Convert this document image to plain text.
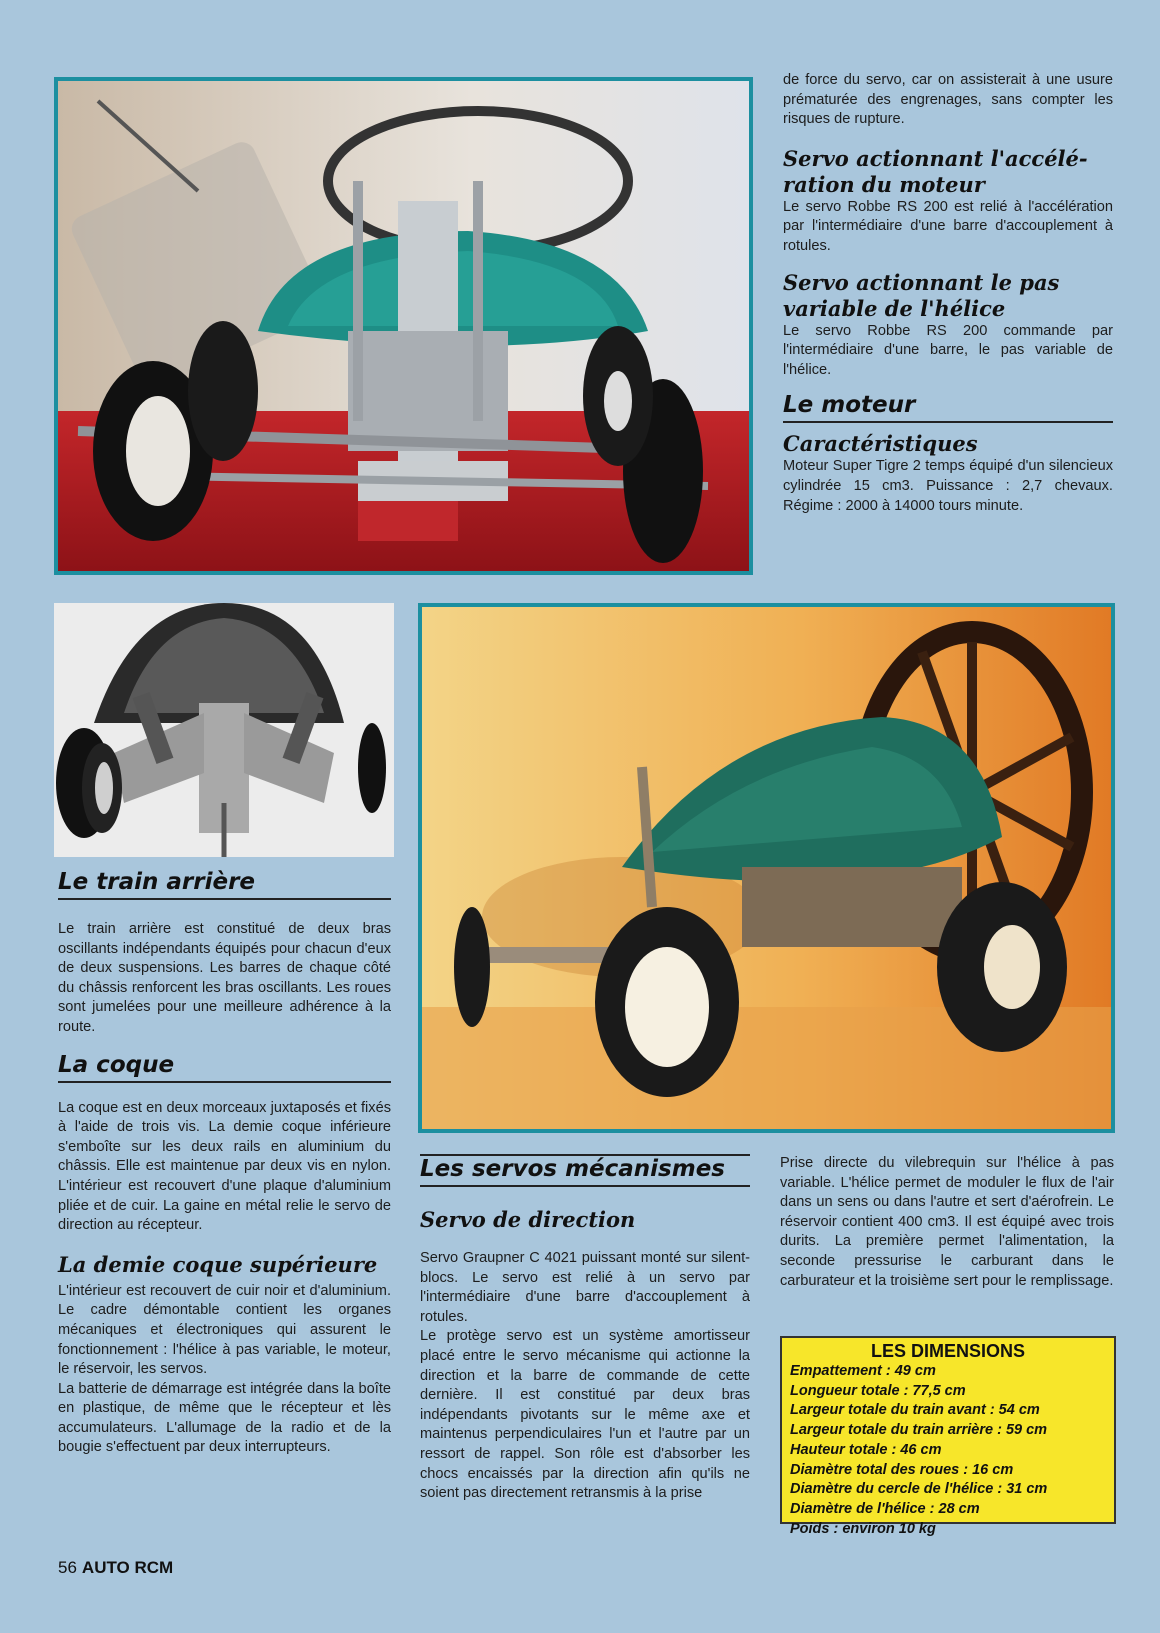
de force du servo, car on assisterait à une usure prématurée des engrenages, sans compter les risques de rupture.

Servo actionnant l'accélé-ration du moteur

Le servo Robbe RS 200 est relié à l'accélération par l'intermédiaire d'une barre d'accouplement à rotules.

Servo actionnant le pas variable de l'hélice

Le servo Robbe RS 200 commande par l'intermédiaire d'une barre, le pas variable de l'hélice.

Le moteur
Caractéristiques

Moteur Super Tigre 2 temps équipé d'un silencieux cylindrée 15 cm3. Puissance : 2,7 chevaux. Régime : 2000 à 14000 tours minute.

Le train arrière

Le train arrière est constitué de deux bras oscillants indépendants équipés pour chacun d'eux de deux suspensions. Les barres de chaque côté du châssis renforcent les bras oscillants. Les roues sont jumelées pour une meilleure adhérence à la route.

La coque

La coque est en deux morceaux juxtaposés et fixés à l'aide de trois vis. La demie coque inférieure s'emboîte sur les deux rails en aluminium du châssis. Elle est maintenue par deux vis en nylon. L'intérieur est recouvert d'une plaque d'aluminium pliée et de cuir. La gaine en métal relie le servo de direction au récepteur.

La demie coque supérieure

L'intérieur est recouvert de cuir noir et d'aluminium. Le cadre démontable contient les organes mécaniques et électroniques qui assurent le fonctionnement : l'hélice à pas variable, le moteur, le réservoir, les servos.

La batterie de démarrage est intégrée dans la boîte en plastique, de même que le récepteur et lès accumulateurs. L'allumage de la radio et de la bougie s'effectuent par deux interrupteurs.

Les servos mécanismes
Servo de direction

Servo Graupner C 4021 puissant monté sur silent-blocs. Le servo est relié à un servo par l'intermédiaire d'une barre d'accouplement à rotules.

Le protège servo est un système amortisseur placé entre le servo mécanisme qui actionne la direction et la barre de commande de cette dernière. Il est constitué par deux bras indépendants pivotants sur le même axe et maintenus perpendiculaires l'un et l'autre par un ressort de rappel. Son rôle est d'absorber les chocs encaissés par la direction afin qu'ils ne soient pas directement retransmis à la prise

Prise directe du vilebrequin sur l'hélice à pas variable. L'hélice permet de moduler le flux de l'air dans un sens ou dans l'autre et sert d'aérofrein. Le réservoir contient 400 cm3. Il est équipé avec trois durits. La première permet l'alimentation, la seconde pressurise le carburant dans le carburateur et la troisième sert pour le remplissage.

LES DIMENSIONS
Empattement : 49 cm
Longueur totale : 77,5 cm
Largeur totale du train avant : 54 cm
Largeur totale du train arrière : 59 cm
Hauteur totale : 46 cm
Diamètre total des roues : 16 cm
Diamètre du cercle de l'hélice : 31 cm
Diamètre de l'hélice : 28 cm
Poids : environ 10 kg
56 AUTO RCM
